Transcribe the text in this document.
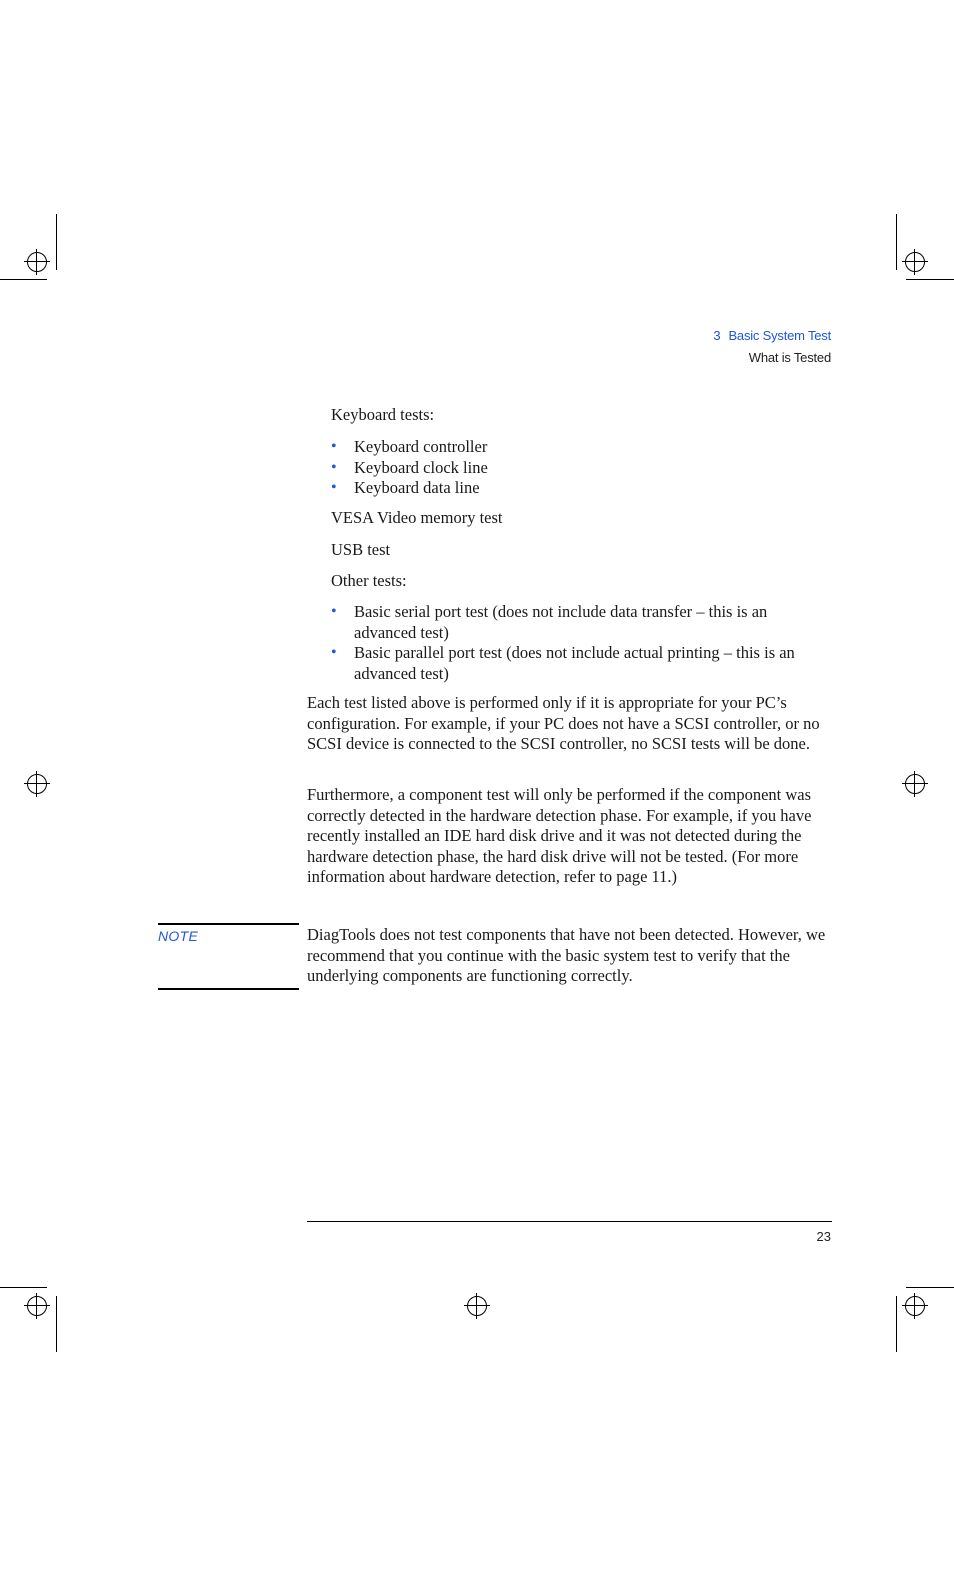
3 Basic System Test
What is Tested
Keyboard tests:
• Keyboard controller
• Keyboard clock line
• Keyboard data line
VESA Video memory test
USB test
Other tests:
• Basic serial port test (does not include data transfer – this is an advanced test)
• Basic parallel port test (does not include actual printing – this is an advanced test)
Each test listed above is performed only if it is appropriate for your PC’s configuration. For example, if your PC does not have a SCSI controller, or no SCSI device is connected to the SCSI controller, no SCSI tests will be done.
Furthermore, a component test will only be performed if the component was correctly detected in the hardware detection phase. For example, if you have recently installed an IDE hard disk drive and it was not detected during the hardware detection phase, the hard disk drive will not be tested. (For more information about hardware detection, refer to page 11.)
NOTE	DiagTools does not test components that have not been detected. However, we recommend that you continue with the basic system test to verify that the underlying components are functioning correctly.
23
